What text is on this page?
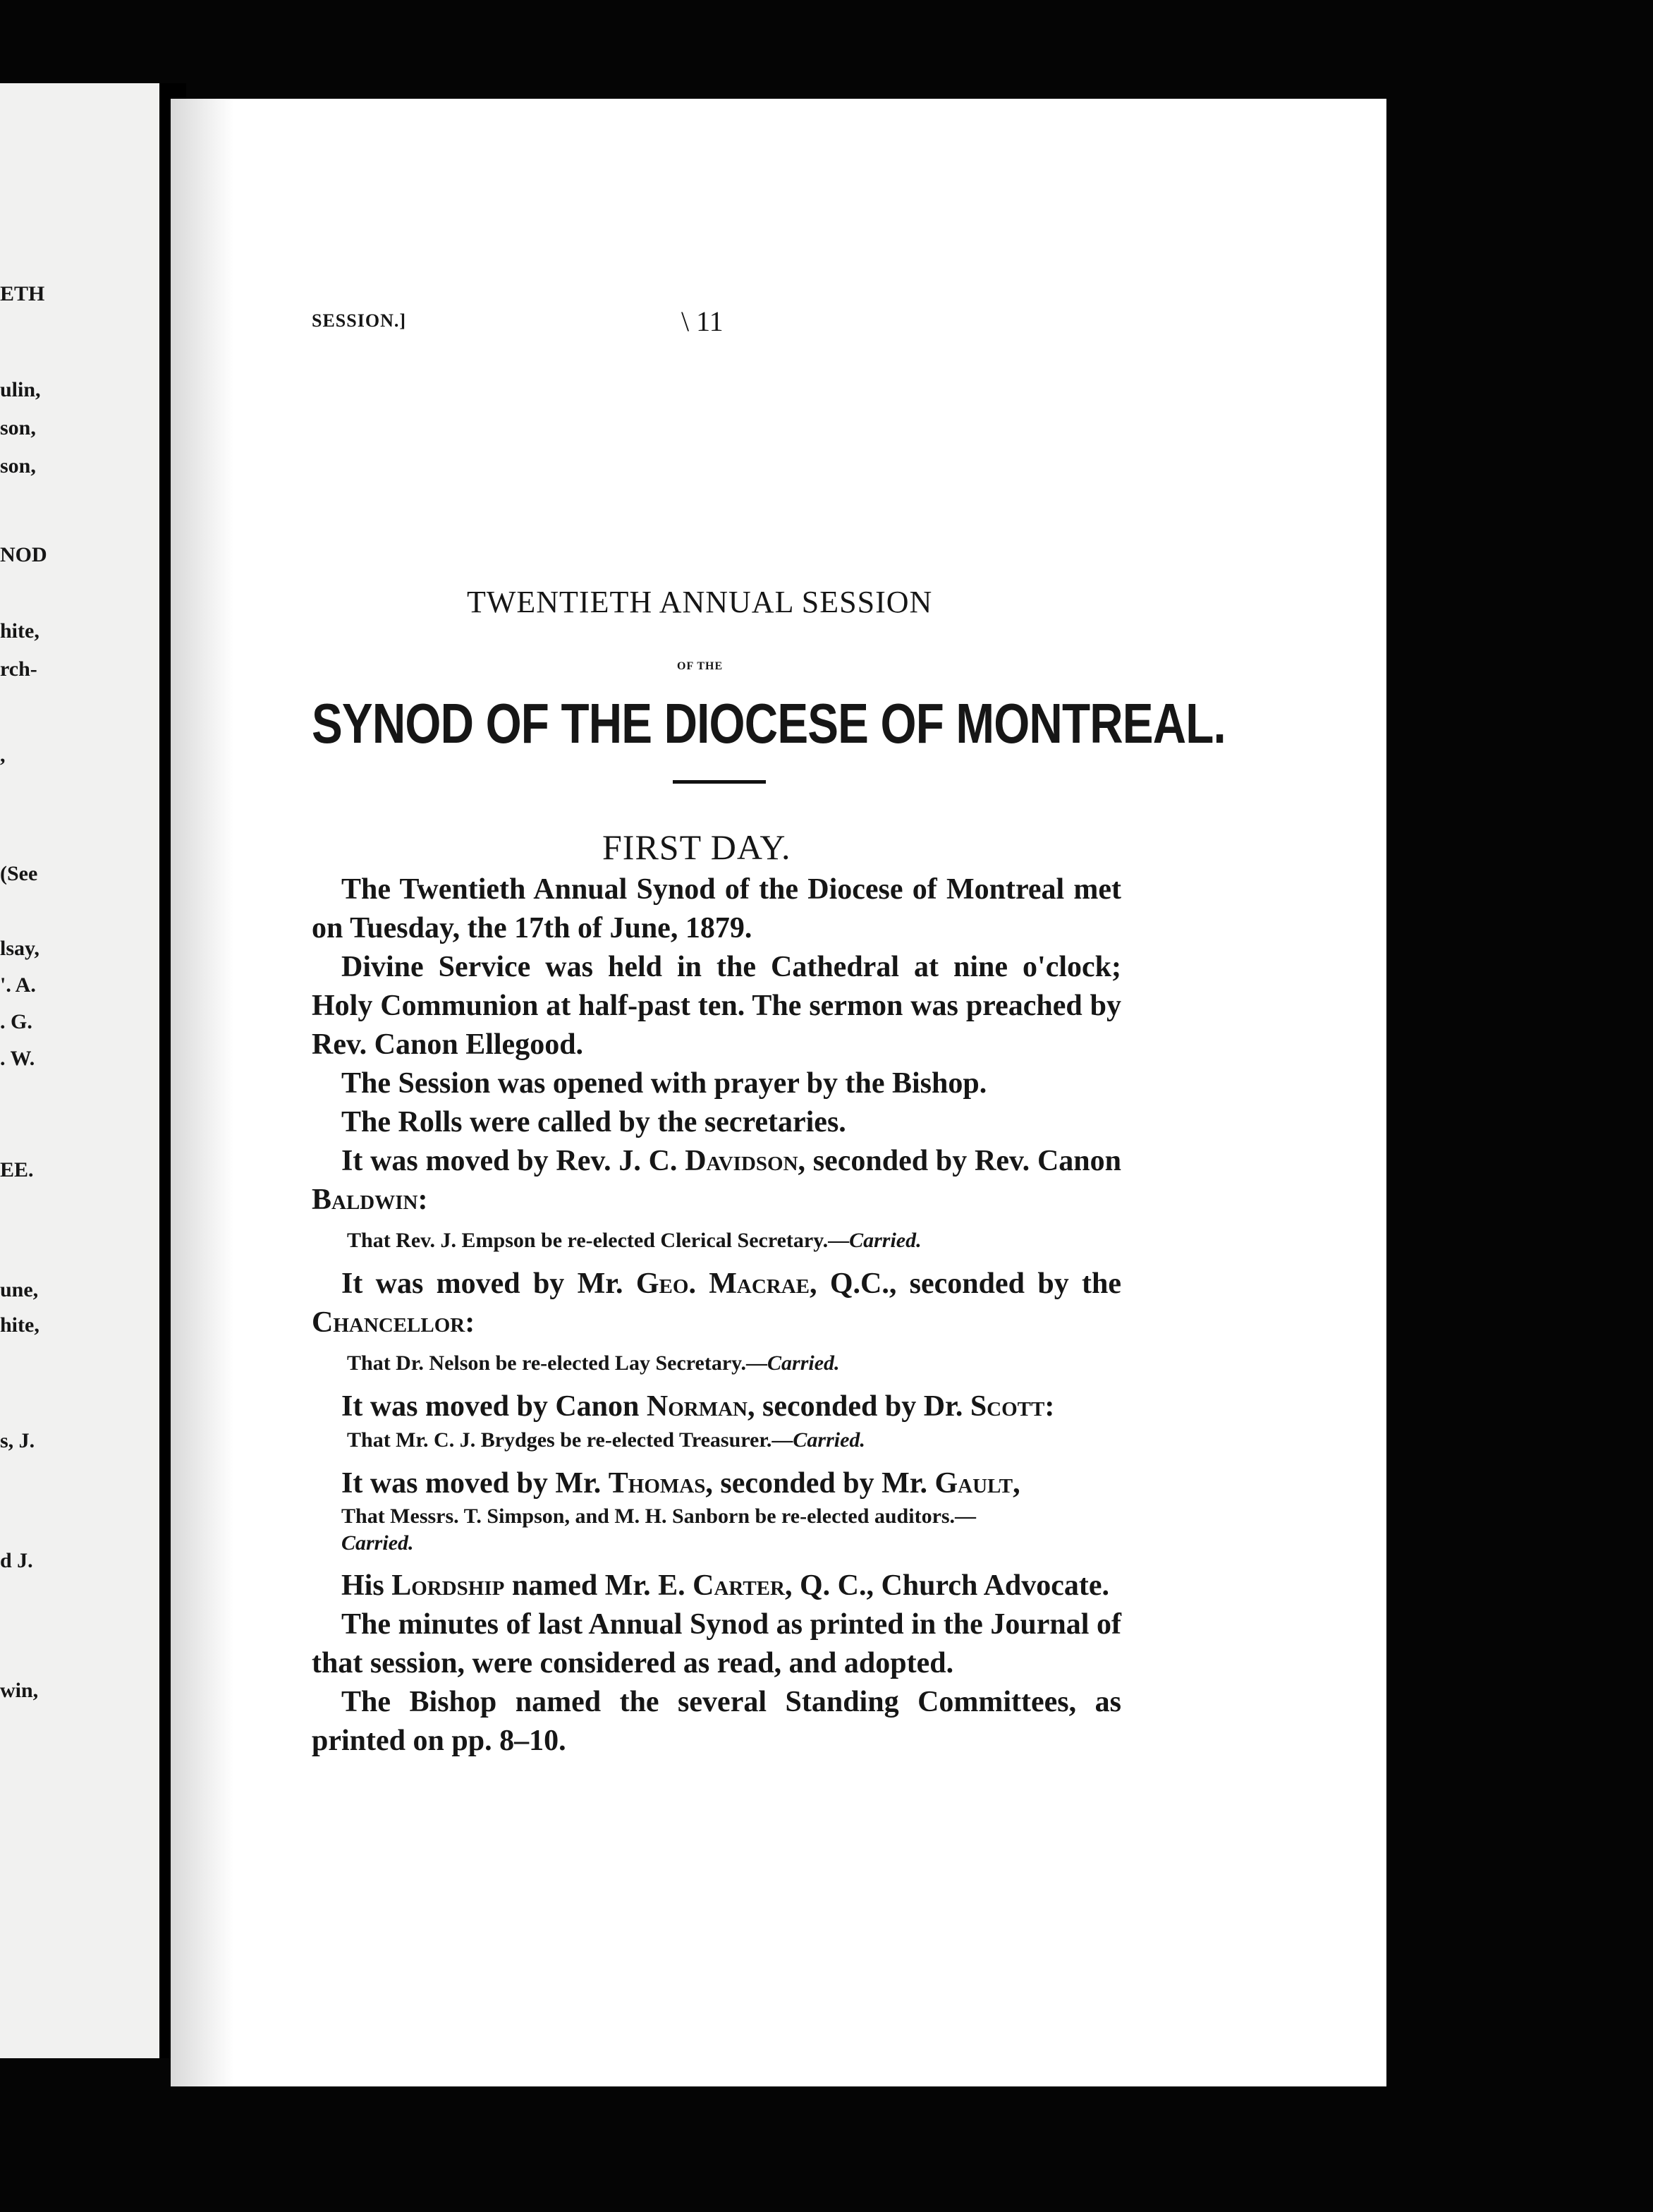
ETH
ulin,
son,
son,
NOD
hite,
rch-
,
(See
lsay,
'. A.
. G.
. W.
EE.
une,
hite,
s, J.
d J.
win,
SESSION.]	\ 11
TWENTIETH ANNUAL SESSION
OF THE
SYNOD OF THE DIOCESE OF MONTREAL.
FIRST DAY.

The Twentieth Annual Synod of the Diocese of Montreal met on Tuesday, the 17th of June, 1879.

Divine Service was held in the Cathedral at nine o'clock; Holy Communion at half-past ten. The sermon was preached by Rev. Canon Ellegood.

The Session was opened with prayer by the Bishop.

The Rolls were called by the secretaries.

It was moved by Rev. J. C. Davidson, seconded by Rev. Canon Baldwin:

That Rev. J. Empson be re-elected Clerical Secretary.—Carried.

It was moved by Mr. Geo. Macrae, Q.C., seconded by the Chancellor:

That Dr. Nelson be re-elected Lay Secretary.—Carried.

It was moved by Canon Norman, seconded by Dr. Scott:

That Mr. C. J. Brydges be re-elected Treasurer.—Carried.

It was moved by Mr. Thomas, seconded by Mr. Gault,

That Messrs. T. Simpson, and M. H. Sanborn be re-elected auditors.—
Carried.

His Lordship named Mr. E. Carter, Q. C., Church Advocate.

The minutes of last Annual Synod as printed in the Journal of that session, were considered as read, and adopted.

The Bishop named the several Standing Committees, as printed on pp. 8–10.
